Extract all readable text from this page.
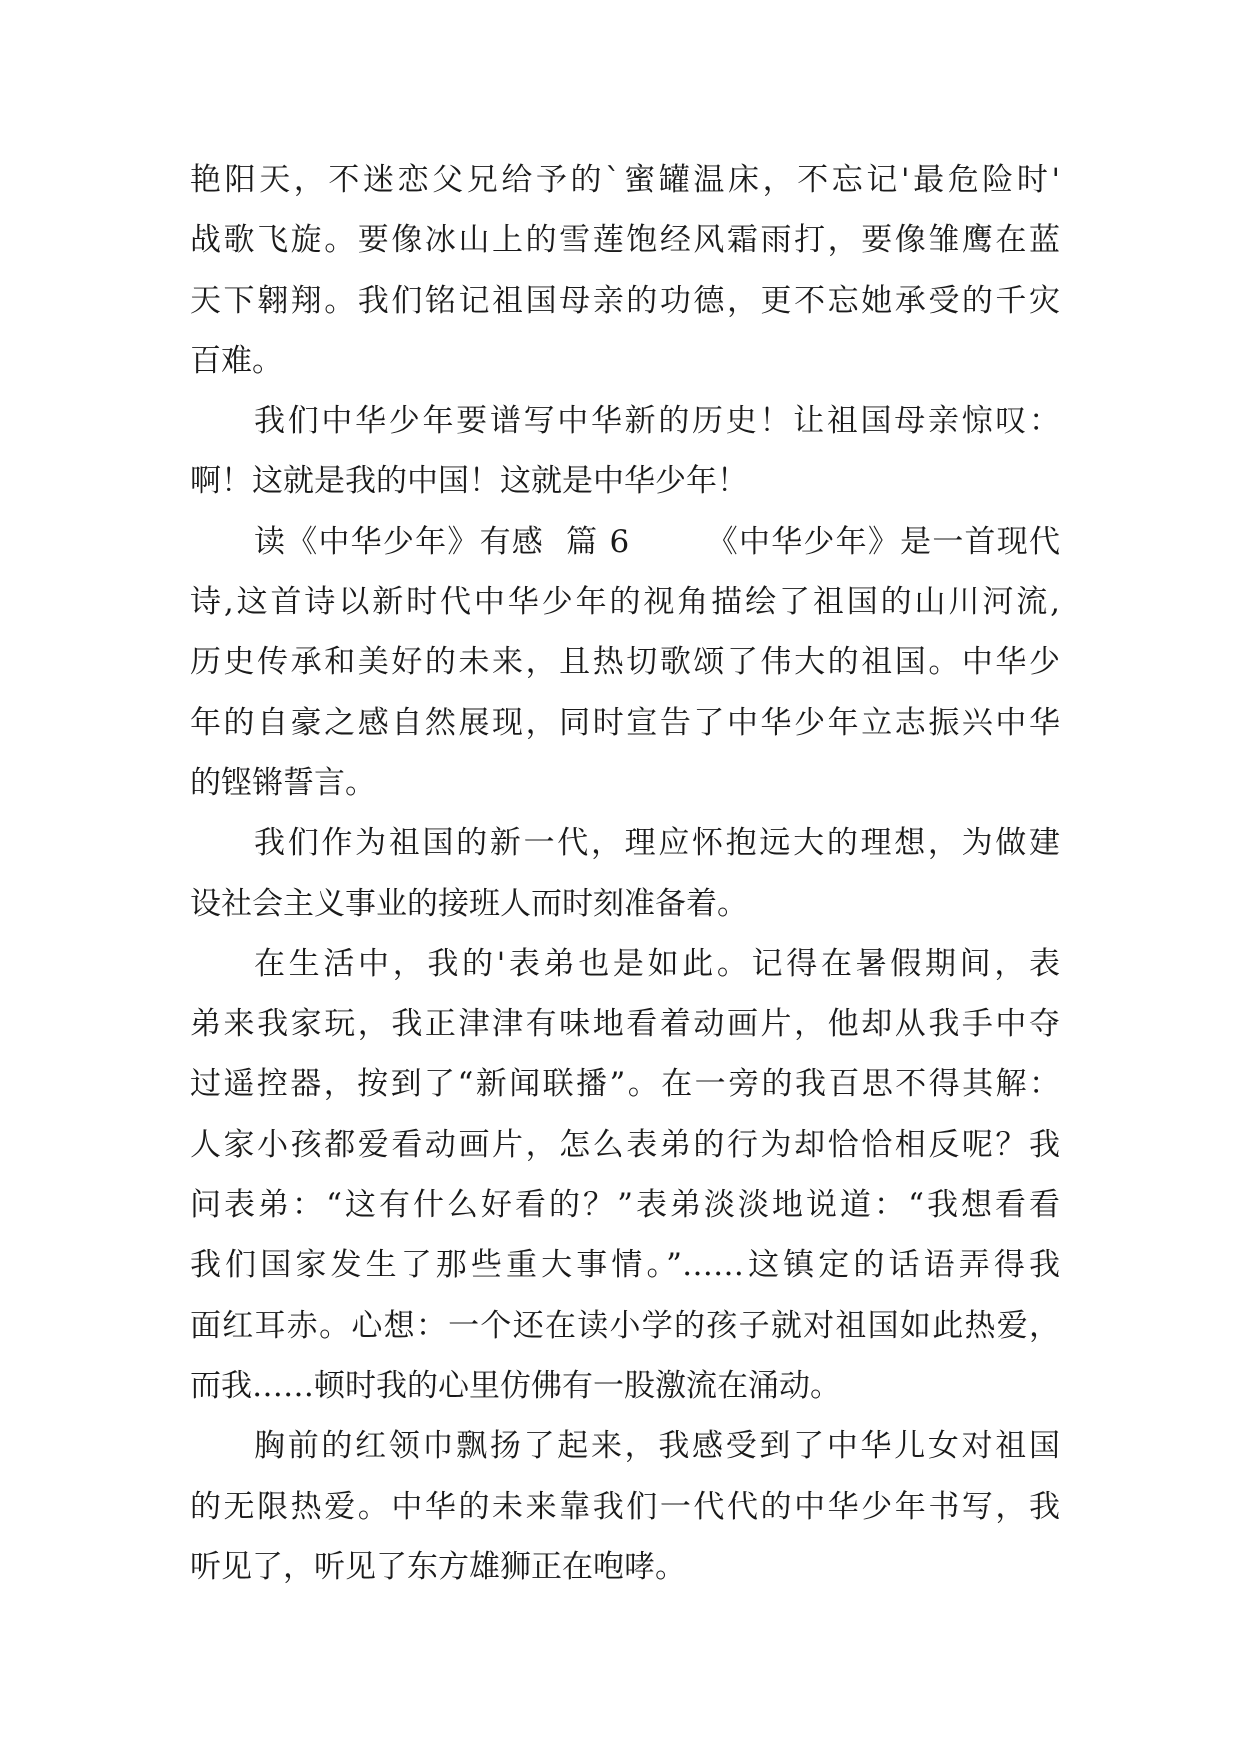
艳阳天，不迷恋父兄给予的`蜜罐温床，不忘记'最危险时'
战歌飞旋。要像冰山上的雪莲饱经风霜雨打，要像雏鹰在蓝
天下翱翔。我们铭记祖国母亲的功德，更不忘她承受的千灾
百难。
我们中华少年要谱写中华新的历史！让祖国母亲惊叹：
啊！这就是我的中国！这就是中华少年！
读《中华少年》有感  篇 6       《中华少年》是一首现代
诗,这首诗以新时代中华少年的视角描绘了祖国的山川河流,
历史传承和美好的未来，且热切歌颂了伟大的祖国。中华少
年的自豪之感自然展现，同时宣告了中华少年立志振兴中华
的铿锵誓言。
我们作为祖国的新一代，理应怀抱远大的理想，为做建
设社会主义事业的接班人而时刻准备着。
在生活中，我的'表弟也是如此。记得在暑假期间，表
弟来我家玩，我正津津有味地看着动画片，他却从我手中夺
过遥控器，按到了“新闻联播”。在一旁的我百思不得其解：
人家小孩都爱看动画片，怎么表弟的行为却恰恰相反呢？我
问表弟：“这有什么好看的？”表弟淡淡地说道：“我想看看
我们国家发生了那些重大事情。”……这镇定的话语弄得我
面红耳赤。心想：一个还在读小学的孩子就对祖国如此热爱，
而我……顿时我的心里仿佛有一股激流在涌动。
胸前的红领巾飘扬了起来，我感受到了中华儿女对祖国
的无限热爱。中华的未来靠我们一代代的中华少年书写，我
听见了，听见了东方雄狮正在咆哮。
